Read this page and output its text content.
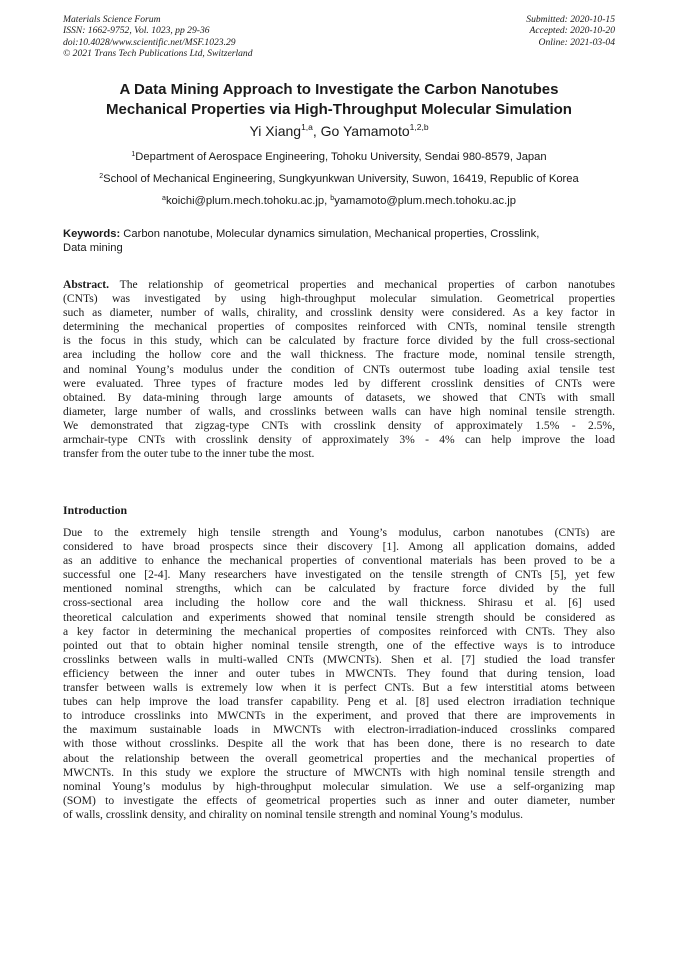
Materials Science Forum
ISSN: 1662-9752, Vol. 1023, pp 29-36
doi:10.4028/www.scientific.net/MSF.1023.29
© 2021 Trans Tech Publications Ltd, Switzerland
Submitted: 2020-10-15
Accepted: 2020-10-20
Online: 2021-03-04
A Data Mining Approach to Investigate the Carbon Nanotubes
Mechanical Properties via High-Throughput Molecular Simulation
Yi Xiang$^{1,a}$, Go Yamamoto$^{1,2,b}$
$^1$Department of Aerospace Engineering, Tohoku University, Sendai 980-8579, Japan
$^2$School of Mechanical Engineering, Sungkyunkwan University, Suwon, 16419, Republic of Korea
$^a$koichi@plum.mech.tohoku.ac.jp, $^b$yamamoto@plum.mech.tohoku.ac.jp
Keywords: Carbon nanotube, Molecular dynamics simulation, Mechanical properties, Crosslink,
Data mining
Abstract. The relationship of geometrical properties and mechanical properties of carbon nanotubes
(CNTs) was investigated by using high-throughput molecular simulation. Geometrical properties
such as diameter, number of walls, chirality, and crosslink density were considered. As a key factor in
determining the mechanical properties of composites reinforced with CNTs, nominal tensile strength
is the focus in this study, which can be calculated by fracture force divided by the full cross-sectional
area including the hollow core and the wall thickness. The fracture mode, nominal tensile strength,
and nominal Young’s modulus under the condition of CNTs outermost tube loading axial tensile test
were evaluated. Three types of fracture modes led by different crosslink densities of CNTs were
obtained. By data-mining through large amounts of datasets, we showed that CNTs with small
diameter, large number of walls, and crosslinks between walls can have high nominal tensile strength.
We demonstrated that zigzag-type CNTs with crosslink density of approximately 1.5% - 2.5%,
armchair-type CNTs with crosslink density of approximately 3% - 4% can help improve the load
transfer from the outer tube to the inner tube the most.
Introduction
Due to the extremely high tensile strength and Young’s modulus, carbon nanotubes (CNTs) are
considered to have broad prospects since their discovery [1]. Among all application domains, added
as an additive to enhance the mechanical properties of conventional materials has been proved to be a
successful one [2-4]. Many researchers have investigated on the tensile strength of CNTs [5], yet few
mentioned nominal strengths, which can be calculated by fracture force divided by the full
cross-sectional area including the hollow core and the wall thickness. Shirasu et al. [6] used
theoretical calculation and experiments showed that nominal tensile strength should be considered as
a key factor in determining the mechanical properties of composites reinforced with CNTs. They also
pointed out that to obtain higher nominal tensile strength, one of the effective ways is to introduce
crosslinks between walls in multi-walled CNTs (MWCNTs). Shen et al. [7] studied the load transfer
efficiency between the inner and outer tubes in MWCNTs. They found that during tension, load
transfer between walls is extremely low when it is perfect CNTs. But a few interstitial atoms between
tubes can help improve the load transfer capability. Peng et al. [8] used electron irradiation technique
to introduce crosslinks into MWCNTs in the experiment, and proved that there are improvements in
the maximum sustainable loads in MWCNTs with electron-irradiation-induced crosslinks compared
with those without crosslinks. Despite all the work that has been done, there is no research to date
about the relationship between the overall geometrical properties and the mechanical properties of
MWCNTs. In this study we explore the structure of MWCNTs with high nominal tensile strength and
nominal Young’s modulus by high-throughput molecular simulation. We use a self-organizing map
(SOM) to investigate the effects of geometrical properties such as inner and outer diameter, number
of walls, crosslink density, and chirality on nominal tensile strength and nominal Young’s modulus.
